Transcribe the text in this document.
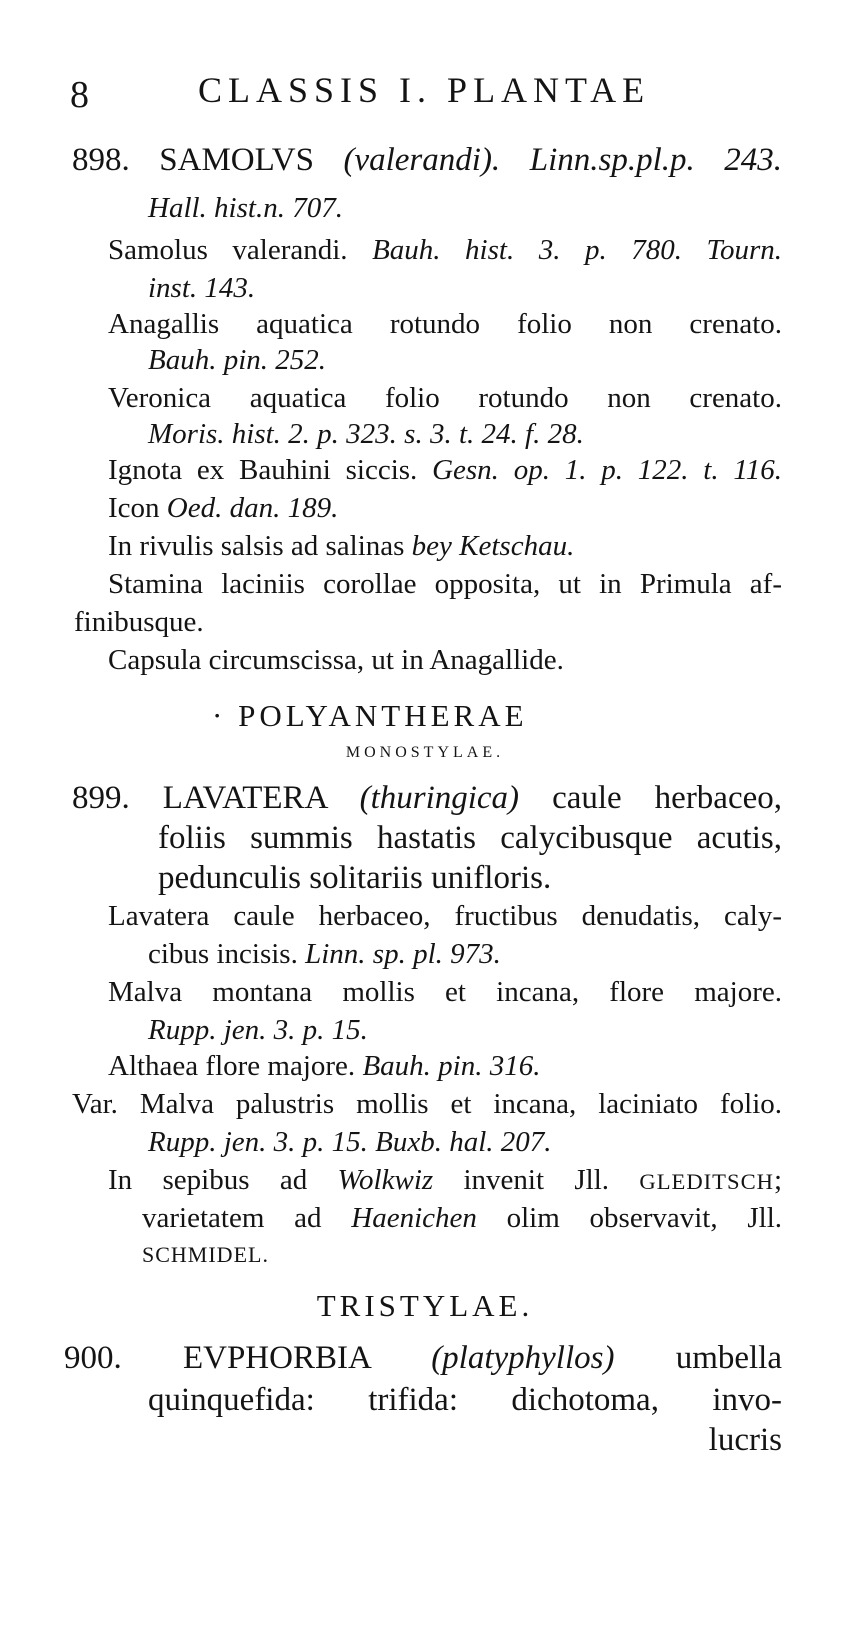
8	CLASSIS I. PLANTAE
898. SAMOLVS (valerandi). Linn.sp.pl.p. 243.
Hall. hist.n. 707.
Samolus valerandi. Bauh. hist. 3. p. 780. Tourn.
inst. 143.
Anagallis aquatica rotundo folio non crenato.
Bauh. pin. 252.
Veronica aquatica folio rotundo non crenato.
Moris. hist. 2. p. 323. s. 3. t. 24. f. 28.
Ignota ex Bauhini siccis. Gesn. op. 1. p. 122. t. 116.
Icon Oed. dan. 189.
In rivulis salsis ad salinas bey Ketschau.
Stamina laciniis corollae opposita, ut in Primula af-
finibusque.
Capsula circumscissa, ut in Anagallide.
· POLYANTHERAE
MONOSTYLAE.
899. LAVATERA (thuringica) caule herbaceo,
foliis summis hastatis calycibusque acutis,
pedunculis solitariis unifloris.
Lavatera caule herbaceo, fructibus denudatis, caly-
cibus incisis. Linn. sp. pl. 973.
Malva montana mollis et incana, flore majore.
Rupp. jen. 3. p. 15.
Althaea flore majore. Bauh. pin. 316.
Var. Malva palustris mollis et incana, laciniato folio.
Rupp. jen. 3. p. 15. Buxb. hal. 207.
In sepibus ad Wolkwiz invenit Jll. GLEDITSCH;
varietatem ad Haenichen olim observavit, Jll.
SCHMIDEL.
TRISTYLAE.
900. EVPHORBIA (platyphyllos) umbella
quinquefida: trifida: dichotoma, invo-
lucris
